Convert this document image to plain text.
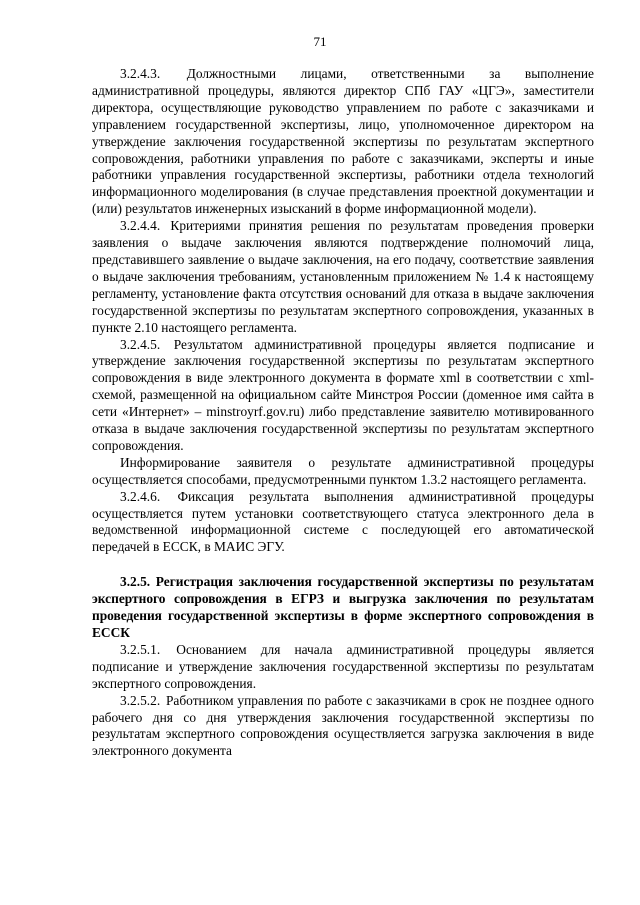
71

3.2.4.3. Должностными лицами, ответственными за выполнение административной процедуры, являются директор СПб ГАУ «ЦГЭ», заместители директора, осуществляющие руководство управлением по работе с заказчиками и управлением государственной экспертизы, лицо, уполномоченное директором на утверждение заключения государственной экспертизы по результатам экспертного сопровождения, работники управления по работе с заказчиками, эксперты и иные работники управления государственной экспертизы, работники отдела технологий информационного моделирования (в случае представления проектной документации и (или) результатов инженерных изысканий в форме информационной модели).

3.2.4.4. Критериями принятия решения по результатам проведения проверки заявления о выдаче заключения являются подтверждение полномочий лица, представившего заявление о выдаче заключения, на его подачу, соответствие заявления о выдаче заключения требованиям, установленным приложением № 1.4 к настоящему регламенту, установление факта отсутствия оснований для отказа в выдаче заключения государственной экспертизы по результатам экспертного сопровождения, указанных в пункте 2.10 настоящего регламента.

3.2.4.5. Результатом административной процедуры является подписание и утверждение заключения государственной экспертизы по результатам экспертного сопровождения в виде электронного документа в формате xml в соответствии с xml-схемой, размещенной на официальном сайте Минстроя России (доменное имя сайта в сети «Интернет» – minstroyrf.gov.ru) либо представление заявителю мотивированного отказа в выдаче заключения государственной экспертизы по результатам экспертного сопровождения.

Информирование заявителя о результате административной процедуры осуществляется способами, предусмотренными пунктом 1.3.2 настоящего регламента.

3.2.4.6. Фиксация результата выполнения административной процедуры осуществляется путем установки соответствующего статуса электронного дела в ведомственной информационной системе с последующей его автоматической передачей в ЕССК, в МАИС ЭГУ.

3.2.5. Регистрация заключения государственной экспертизы по результатам экспертного сопровождения в ЕГРЗ и выгрузка заключения по результатам проведения государственной экспертизы в форме экспертного сопровождения в ЕССК

3.2.5.1. Основанием для начала административной процедуры является подписание и утверждение заключения государственной экспертизы по результатам экспертного сопровождения.

3.2.5.2. Работником управления по работе с заказчиками в срок не позднее одного рабочего дня со дня утверждения заключения государственной экспертизы по результатам экспертного сопровождения осуществляется загрузка заключения в виде электронного документа
